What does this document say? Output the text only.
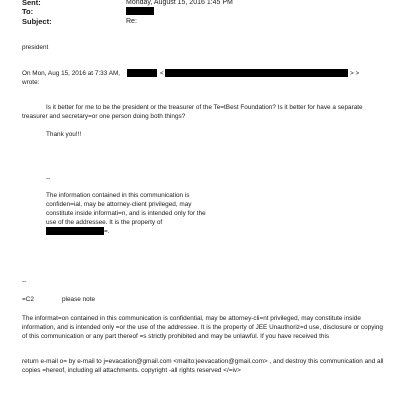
Sent:	Monday, August 15, 2016 1:45 PM
To:
Subject:	Re:
president
On Mon, Aug 15, 2016 at 7:33 AM,	<	> >
wrote:
Is it better for me to be the president or the treasurer of the Te=tBest Foundation? Is it better for have a separate treasurer and secretary=or one person doing both things?
Thank you!!!
--
The information contained in this communication is confiden=ial, may be attorney-client privileged, may constitute inside informati=n, and is intended only for the use of the addressee. It is the property of
=.
--
=C2	please note
The informat=on contained in this communication is confidential, may be attorney-cli=nt privileged, may constitute inside information, and is intended only =or the use of the addressee. It is the property of JEE Unauthoriz=d use, disclosure or copying of this communication or any part thereof =s strictly prohibited and may be unlawful. If you have received this
return e-mail o= by e-mail to j=evacation@gmail.com <mailto:jeevacation@gmail.com> , and destroy this communication and all copies =hereof, including all attachments. copyright -all rights reserved </=iv>
